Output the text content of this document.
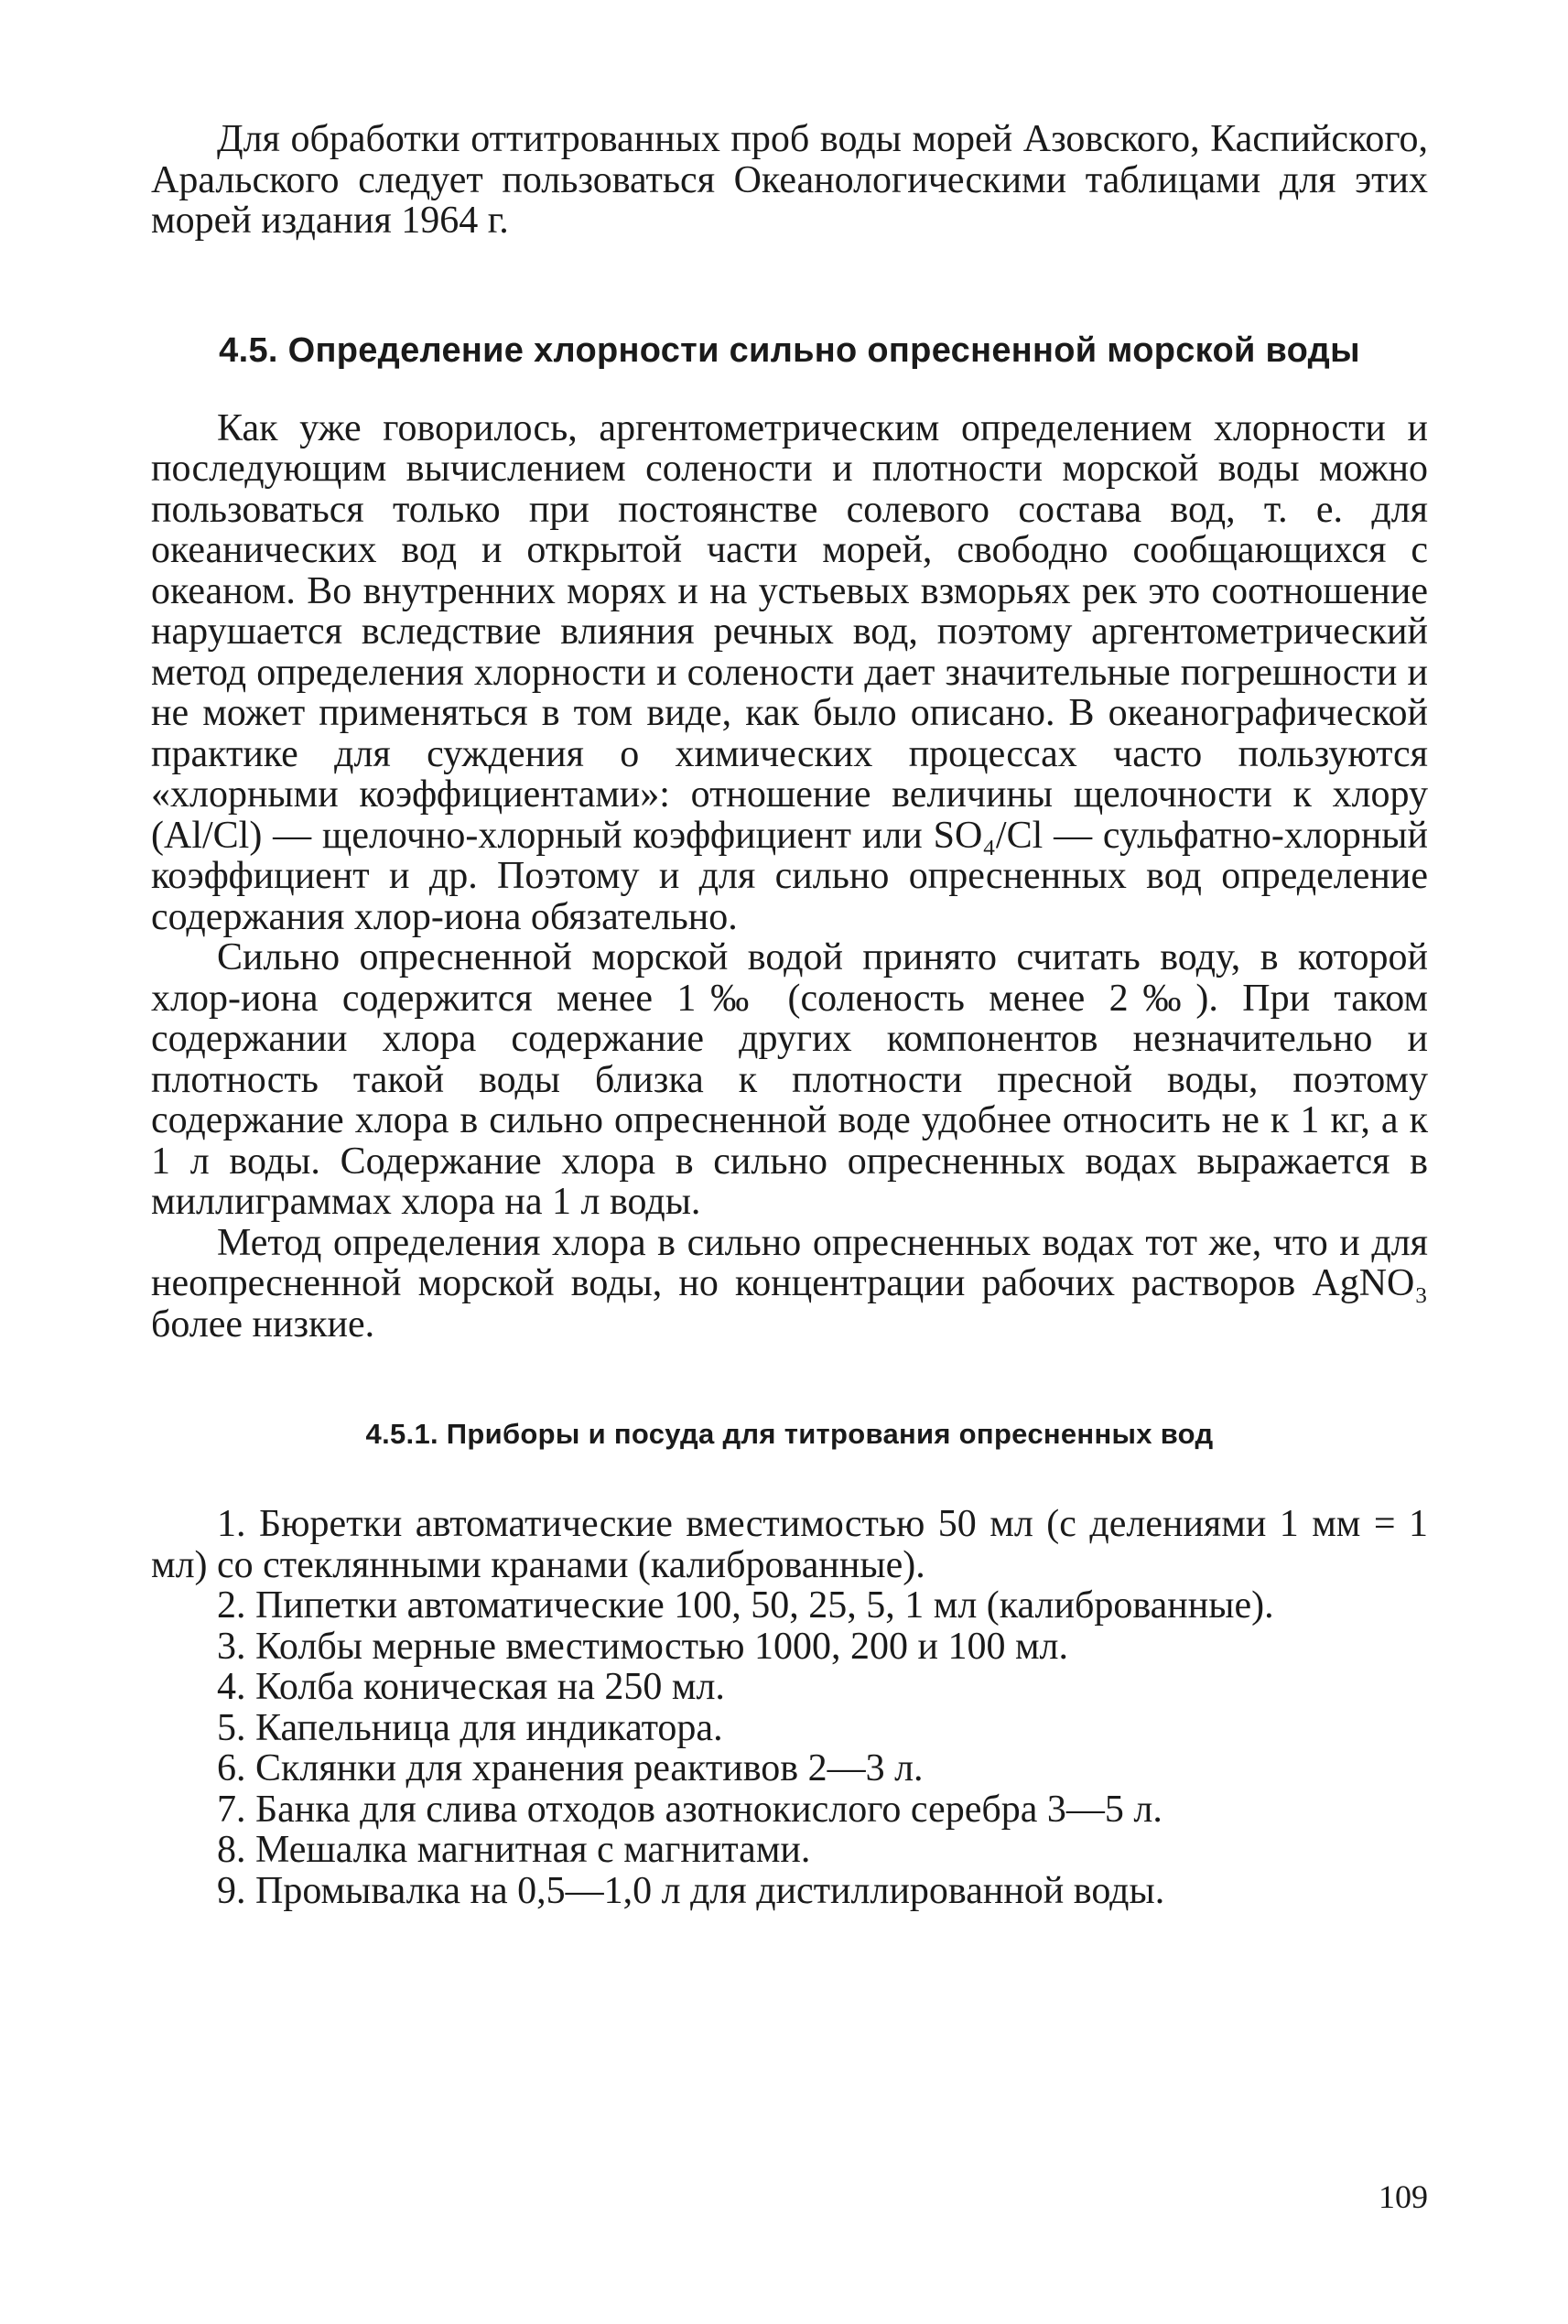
Для обработки оттитрованных проб воды морей Азовского, Каспийского, Аральского следует пользоваться Океанологическими таблицами для этих морей издания 1964 г.

4.5. Определение хлорности сильно опресненной морской воды

Как уже говорилось, аргентометрическим определением хлорности и последующим вычислением солености и плотности морской воды можно пользоваться только при постоянстве солевого состава вод, т. е. для океанических вод и открытой части морей, свободно сообщающихся с океаном. Во внутренних морях и на устьевых взморьях рек это соотношение нарушается вследствие влияния речных вод, поэтому аргентометрический метод определения хлорности и солености дает значительные погрешности и не может применяться в том виде, как было описано. В океанографической практике для суждения о химических процессах часто пользуются «хлорными коэффициентами»: отношение величины щелочности к хлору (Al/Cl) — щелочно-хлорный коэффициент или SO₄/Cl — сульфатно-хлорный коэффициент и др. Поэтому и для сильно опресненных вод определение содержания хлор-иона обязательно.

Сильно опресненной морской водой принято считать воду, в которой хлор-иона содержится менее 1‰ (соленость менее 2‰). При таком содержании хлора содержание других компонентов незначительно и плотность такой воды близка к плотности пресной воды, поэтому содержание хлора в сильно опресненной воде удобнее относить не к 1 кг, а к 1 л воды. Содержание хлора в сильно опресненных водах выражается в миллиграммах хлора на 1 л воды.

Метод определения хлора в сильно опресненных водах тот же, что и для неопресненной морской воды, но концентрации рабочих растворов AgNO₃ более низкие.

4.5.1. Приборы и посуда для титрования опресненных вод
1. Бюретки автоматические вместимостью 50 мл (с делениями 1 мм = 1 мл) со стеклянными кранами (калиброванные).
2. Пипетки автоматические 100, 50, 25, 5, 1 мл (калиброванные).
3. Колбы мерные вместимостью 1000, 200 и 100 мл.
4. Колба коническая на 250 мл.
5. Капельница для индикатора.
6. Склянки для хранения реактивов 2—3 л.
7. Банка для слива отходов азотнокислого серебра 3—5 л.
8. Мешалка магнитная с магнитами.
9. Промывалка на 0,5—1,0 л для дистиллированной воды.
109
